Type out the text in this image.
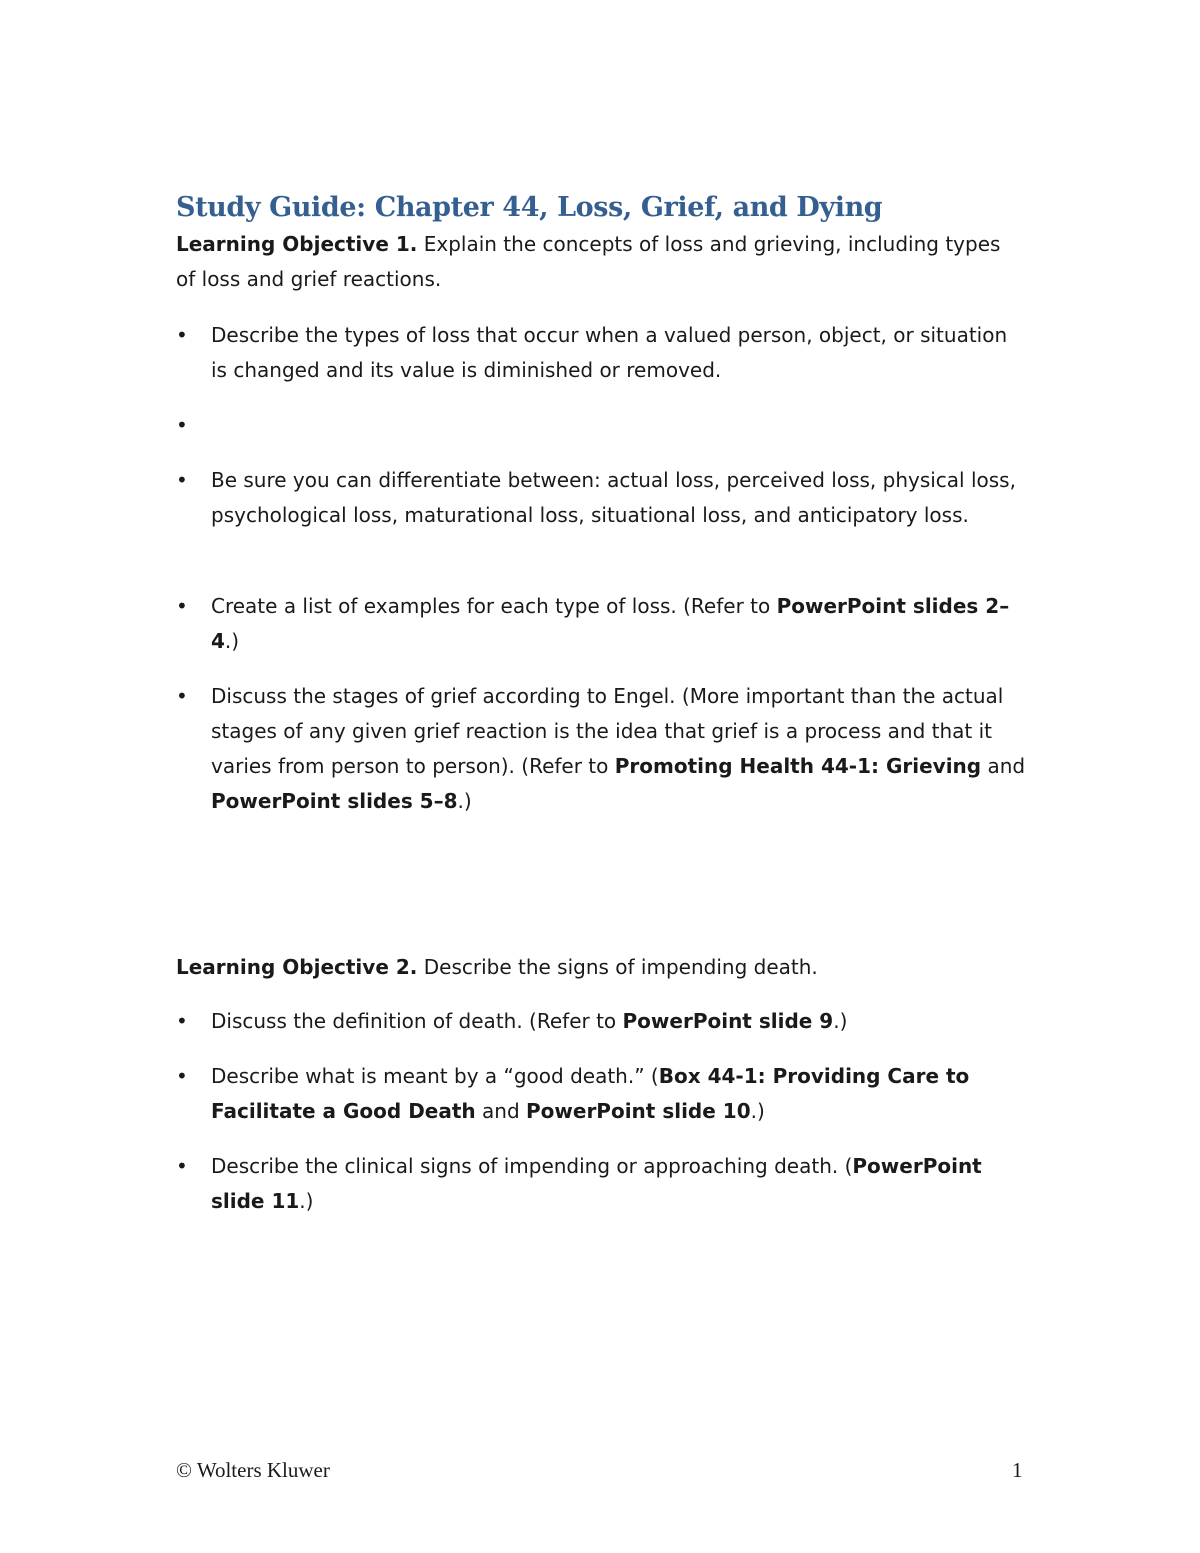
Study Guide: Chapter 44, Loss, Grief, and Dying

Learning Objective 1. Explain the concepts of loss and grieving, including types of loss and grief reactions.

•	Describe the types of loss that occur when a valued person, object, or situation is changed and its value is diminished or removed.
•
•	Be sure you can differentiate between: actual loss, perceived loss, physical loss, psychological loss, maturational loss, situational loss, and anticipatory loss.
•	Create a list of examples for each type of loss. (Refer to PowerPoint slides 2–4.)
•	Discuss the stages of grief according to Engel. (More important than the actual stages of any given grief reaction is the idea that grief is a process and that it varies from person to person). (Refer to Promoting Health 44-1: Grieving and PowerPoint slides 5–8.)

Learning Objective 2. Describe the signs of impending death.

•	Discuss the definition of death. (Refer to PowerPoint slide 9.)
•	Describe what is meant by a “good death.” (Box 44-1: Providing Care to Facilitate a Good Death and PowerPoint slide 10.)
•	Describe the clinical signs of impending or approaching death. (PowerPoint slide 11.)
© Wolters Kluwer	1
